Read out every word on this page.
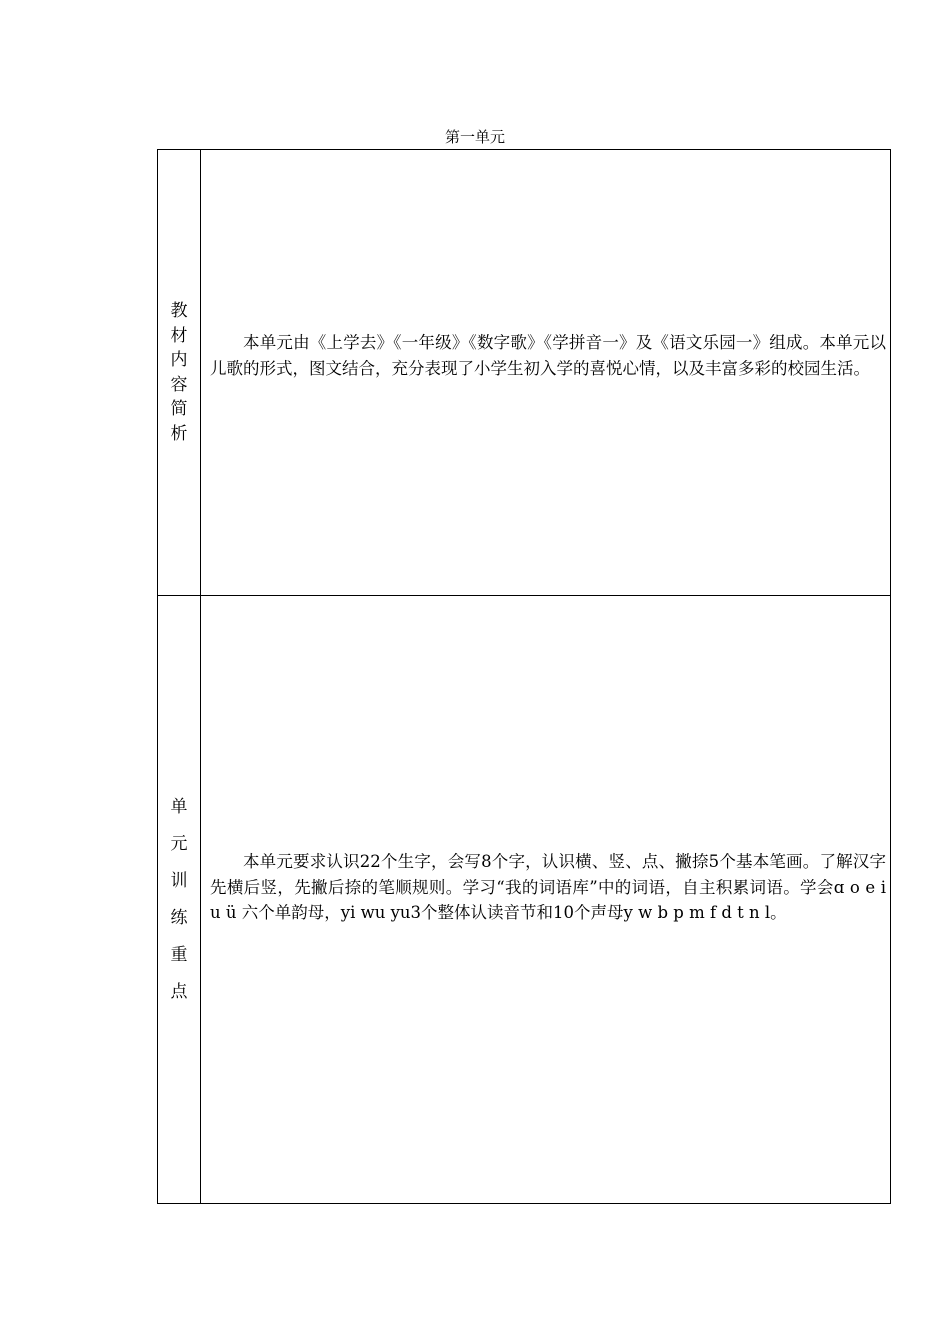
第一单元
教材内容简析

本单元由《上学去》《一年级》《数字歌》《学拼音一》及《语文乐园一》组成。本单元以儿歌的形式，图文结合，充分表现了小学生初入学的喜悦心情，以及丰富多彩的校园生活。

单元训练重点

本单元要求认识22个生字，会写8个字，认识横、竖、点、撇捺5个基本笔画。了解汉字先横后竖，先撇后捺的笔顺规则。学习“我的词语库”中的词语，自主积累词语。学会ɑ o e i u ü 六个单韵母，yi wu yu3个整体认读音节和10个声母y w b p m f d t n l。
